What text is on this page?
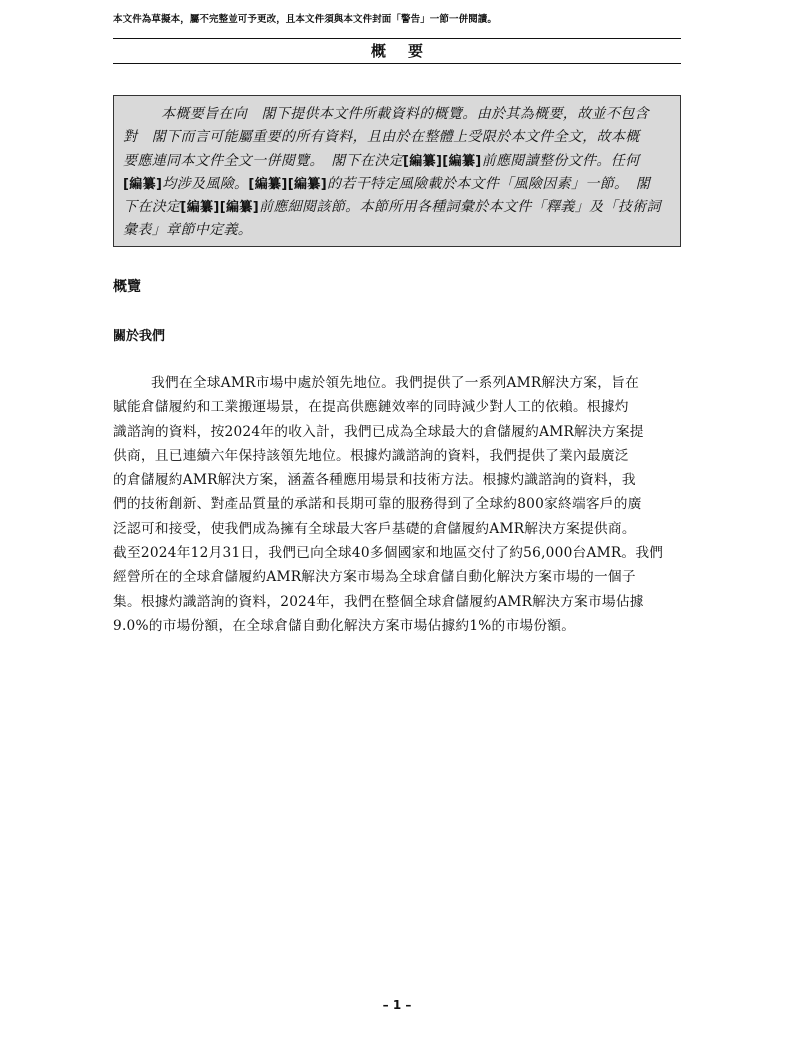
本文件為草擬本，屬不完整並可予更改，且本文件須與本文件封面「警告」一節一併閱讀。
概要
本概要旨在向　閣下提供本文件所載資料的概覽。由於其為概要，故並不包含
對　閣下而言可能屬重要的所有資料，且由於在整體上受限於本文件全文，故本概
要應連同本文件全文一併閱覽。　閣下在決定[編纂][編纂]前應閱讀整份文件。任何
[編纂]均涉及風險。[編纂][編纂]的若干特定風險載於本文件「風險因素」一節。　閣
下在決定[編纂][編纂]前應細閱該節。本節所用各種詞彙於本文件「釋義」及「技術詞
彙表」章節中定義。
概覽
關於我們
我們在全球AMR市場中處於領先地位。我們提供了一系列AMR解決方案，旨在
賦能倉儲履約和工業搬運場景，在提高供應鏈效率的同時減少對人工的依賴。根據灼
識諮詢的資料，按2024年的收入計，我們已成為全球最大的倉儲履約AMR解決方案提
供商，且已連續六年保持該領先地位。根據灼識諮詢的資料，我們提供了業內最廣泛
的倉儲履約AMR解決方案，涵蓋各種應用場景和技術方法。根據灼識諮詢的資料，我
們的技術創新、對產品質量的承諾和長期可靠的服務得到了全球約800家終端客戶的廣
泛認可和接受，使我們成為擁有全球最大客戶基礎的倉儲履約AMR解決方案提供商。
截至2024年12月31日，我們已向全球40多個國家和地區交付了約56,000台AMR。我們
經營所在的全球倉儲履約AMR解決方案市場為全球倉儲自動化解決方案市場的一個子
集。根據灼識諮詢的資料，2024年，我們在整個全球倉儲履約AMR解決方案市場佔據
9.0%的市場份額，在全球倉儲自動化解決方案市場佔據約1%的市場份額。
– 1 –
